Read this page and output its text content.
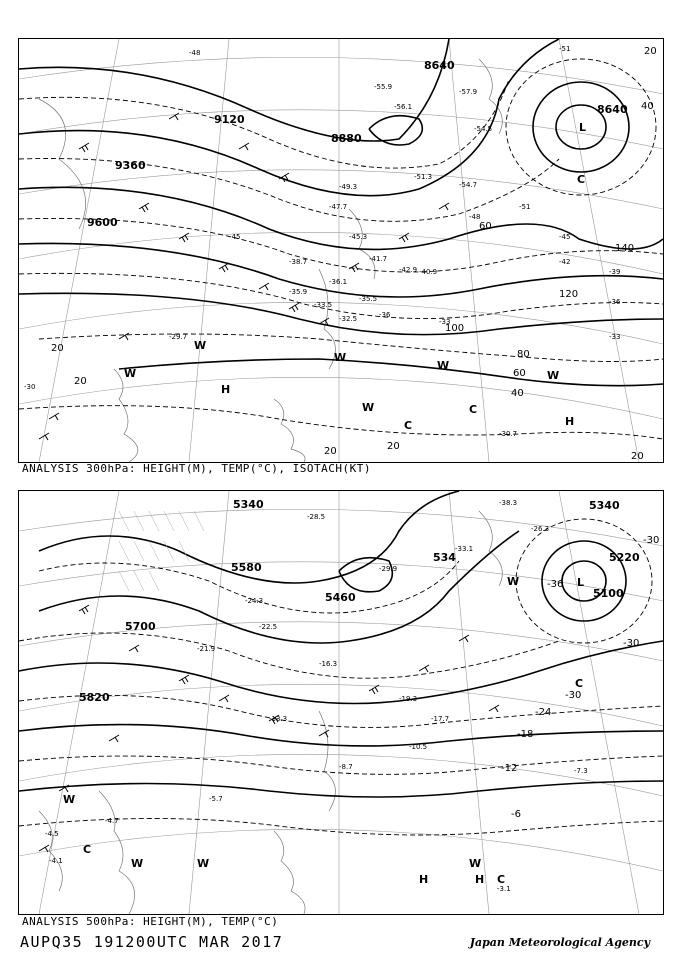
8640
8640
8880
9120
9360
9600
20
40
60
80
100
120
140
20
20
20	20
20
40
60
-51
-51
-48
-48
-45	-45
-42
-39
-36
-33
-30
-33
-36
-54.7
-51.3
-55.9
-57.9
-54.5
-56.1
-49.3
-47.7
-45.3
-41.7
-42.9
-35.9
-33.5
-32.5
-30.7
-29.7
-36.1
-38.7
-40.9
-35.5
L
H
H
C
C
C
W
W
W
W
W
W
ANALYSIS 300hPa: HEIGHT(M), TEMP(°C), ISOTACH(KT)
5340
5220
5100
5460
5580
5700
5820
534
5340
-30
-24
-18
-12
-6
-30
-36
-30
-38.3
-33.1
-29.9
-26.3
-22.5
-19.3
-16.3
-13.3
-10.5
-8.7	-7.3
-5.7
-4.7
-4.5
-4.1
-3.1
-24.3
-28.5
-21.9
-17.7
L
H	H
C
C
C
W
W	W	W
W
ANALYSIS 500hPa: HEIGHT(M), TEMP(°C)
AUPQ35 191200UTC MAR 2017	Japan Meteorological Agency
